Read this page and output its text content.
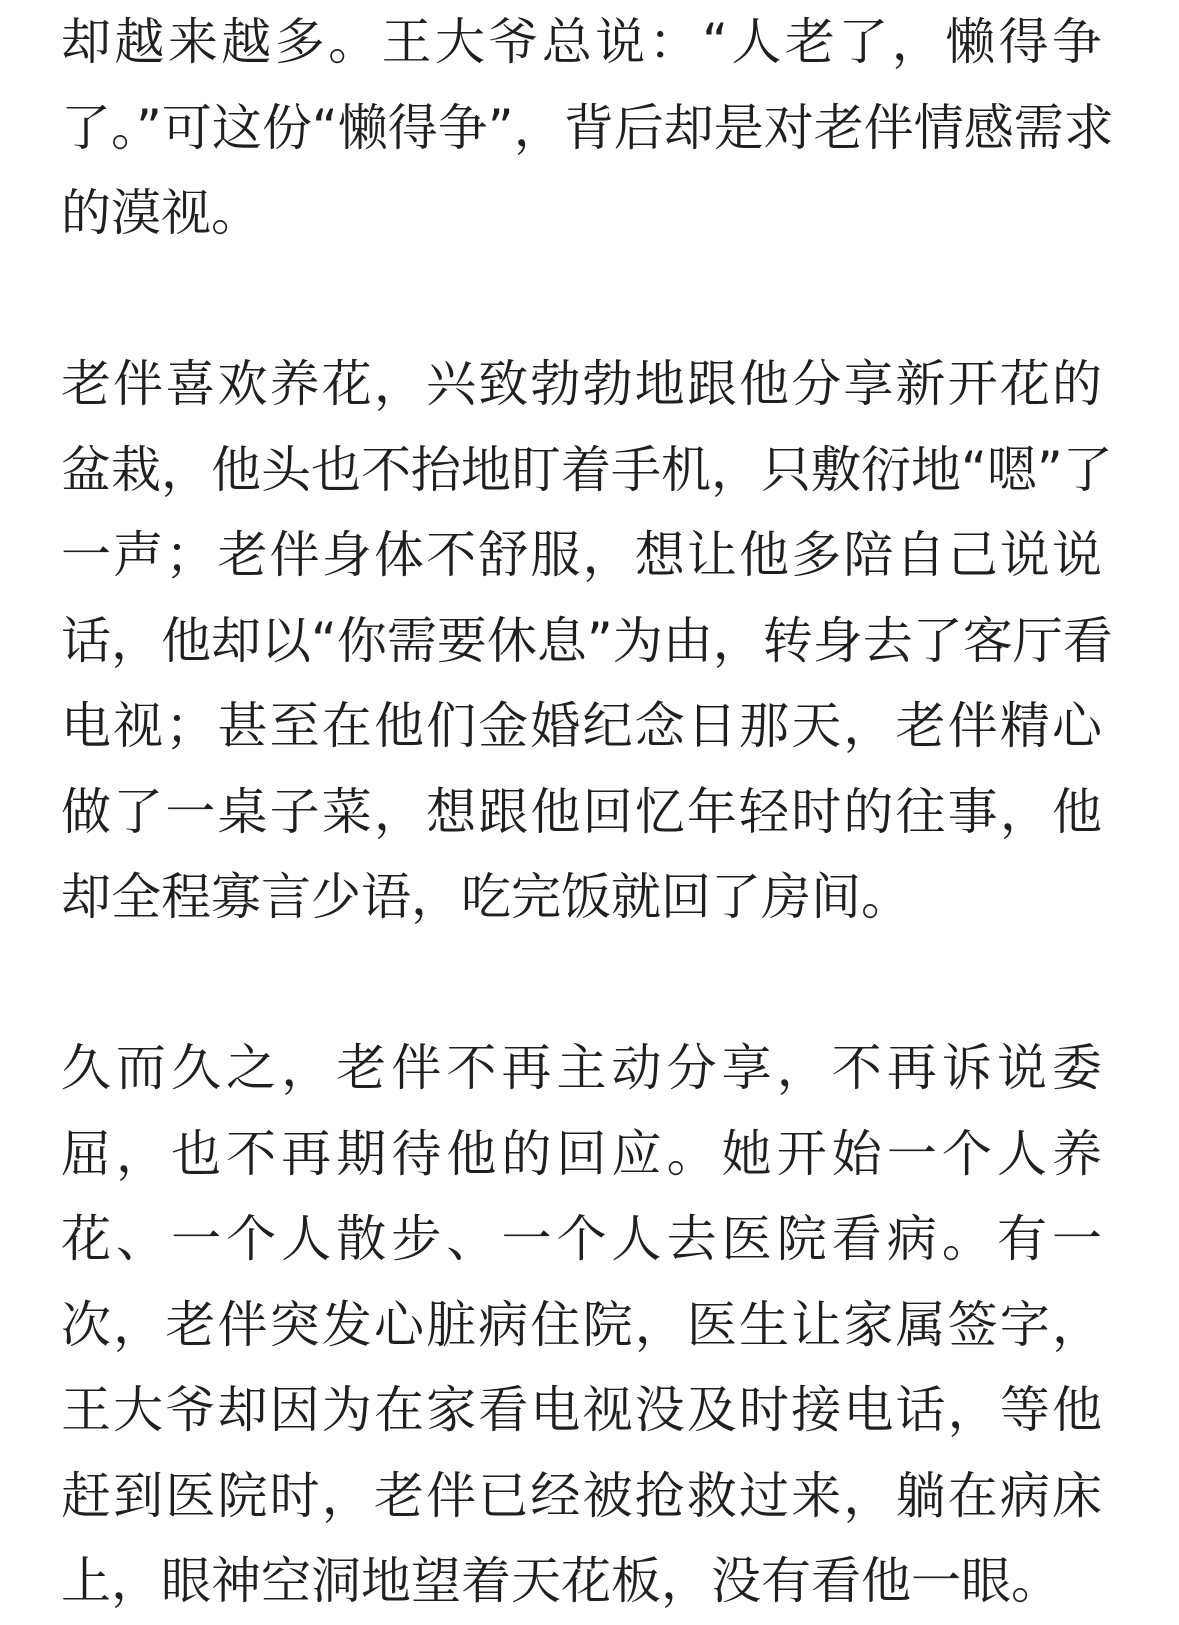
却越来越多。王大爷总说：“人老了，懒得争
了。”可这份“懒得争”，背后却是对老伴情感需求
的漠视。
老伴喜欢养花，兴致勃勃地跟他分享新开花的
盆栽，他头也不抬地盯着手机，只敷衍地“嗯”了
一声；老伴身体不舒服，想让他多陪自己说说
话，他却以“你需要休息”为由，转身去了客厅看
电视；甚至在他们金婚纪念日那天，老伴精心
做了一桌子菜，想跟他回忆年轻时的往事，他
却全程寡言少语，吃完饭就回了房间。
久而久之，老伴不再主动分享，不再诉说委
屈，也不再期待他的回应。她开始一个人养
花、一个人散步、一个人去医院看病。有一
次，老伴突发心脏病住院，医生让家属签字，
王大爷却因为在家看电视没及时接电话，等他
赶到医院时，老伴已经被抢救过来，躺在病床
上，眼神空洞地望着天花板，没有看他一眼。
